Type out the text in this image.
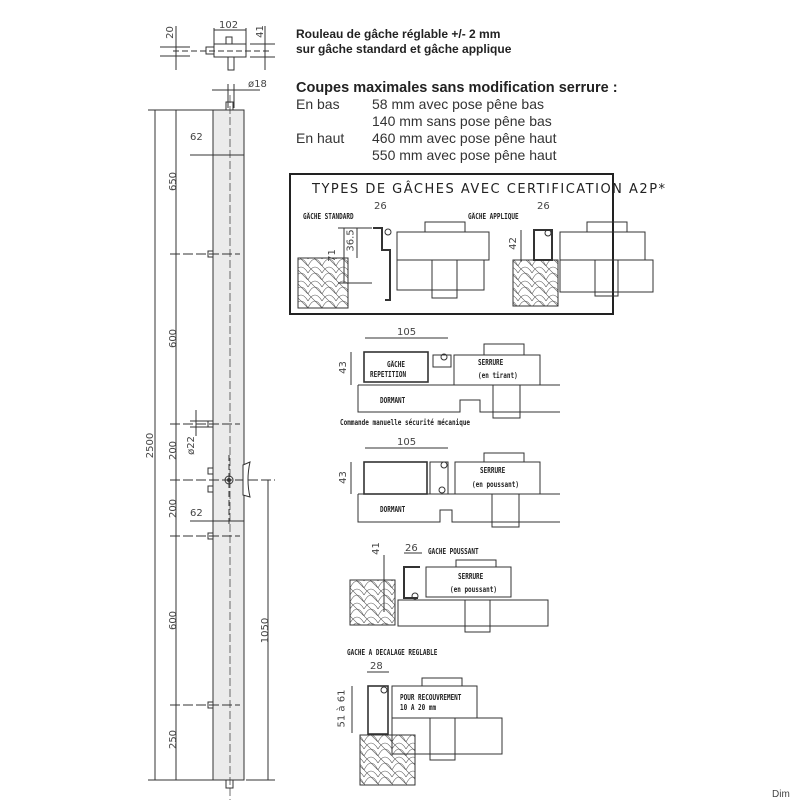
102
20	41
ø18
2500
650
600
200
200
600
250
62
62
ø22
1050
Rouleau de gâche réglable +/- 2 mm
sur gâche standard et gâche applique
Coupes maximales sans modification serrure :
En bas	58 mm avec pose pêne bas
140 mm sans pose pêne bas
En haut	460 mm avec pose pêne haut
550 mm avec pose pêne haut
TYPES DE GÂCHES AVEC CERTIFICATION A2P*
GÂCHE STANDARD
26
36.5
71
GÂCHE APPLIQUE
26
42
105
43	GÂCHE
REPETITION
SERRURE
(en tirant)
DORMANT
Commande manuelle sécurité mécanique
105
43
SERRURE
(en poussant)
DORMANT
GACHE POUSSANT
26
41
SERRURE
(en poussant)
GACHE A DECALAGE REGLABLE
28
51 à 61	POUR RECOUVREMENT
10 A 20 mm
Dim
